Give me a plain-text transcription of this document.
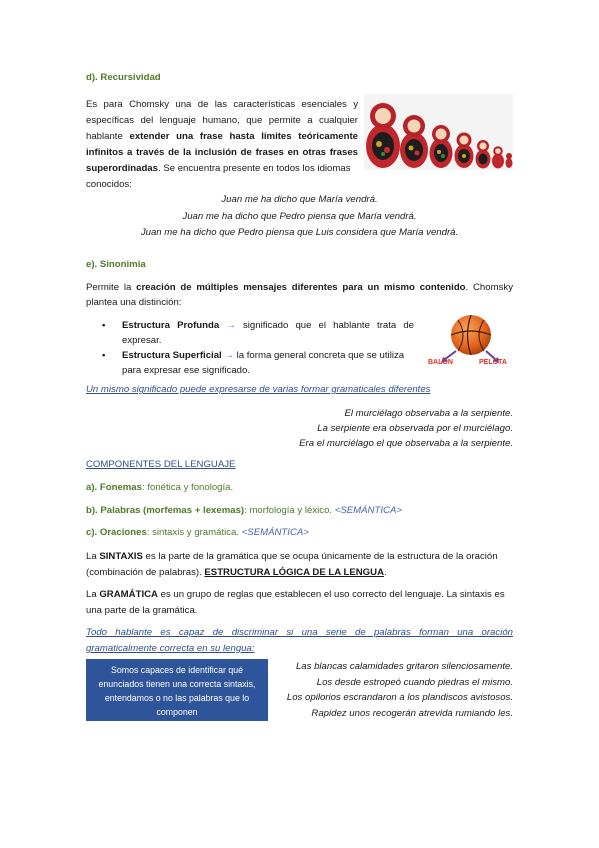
d). Recursividad

Es para Chomsky una de las características esenciales y

específicas del lenguaje humano, que permite a cualquier

hablante extender una frase hasta límites teóricamente

infinitos a través de la inclusión de frases en otras frases

superordinadas. Se encuentra presente en todos los idiomas

conocidos:

Juan me ha dicho que María vendrá.

Juan me ha dicho que Pedro piensa que María vendrá.

Juan me ha dicho que Pedro piensa que Luis considera que María vendrá.

e). Sinonimia

Permite la creación de múltiples mensajes diferentes para un mismo contenido. Chomsky

plantea una distinción:

• Estructura Profunda → significado que el hablante trata de

expresar.

• Estructura Superficial → la forma general concreta que se utiliza

para expresar ese significado.

BALÓN	PELOTA
Un mismo significado puede expresarse de varias formar gramaticales diferentes

El murciélago observaba a la serpiente.

La serpiente era observada por el murciélago.

Era el murciélago el que observaba a la serpiente.

COMPONENTES DEL LENGUAJE
a). Fonemas: fonética y fonología.
b). Palabras (morfemas + lexemas): morfología y léxico. <SEMÁNTICA>
c). Oraciones: sintaxis y gramática. <SEMÁNTICA>

La SINTAXIS es la parte de la gramática que se ocupa únicamente de la estructura de la oración

(combinación de palabras). ESTRUCTURA LÓGICA DE LA LENGUA.

La GRAMÁTICA es un grupo de reglas que establecen el uso correcto del lenguaje. La sintaxis es

una parte de la gramática.

Todo hablante es capaz de discriminar si una serie de palabras forman una oración

gramaticalmente correcta en su lengua:

Somos capaces de identificar qué

enunciados tienen una correcta sintaxis,

entendamos o no las palabras que lo

componen

Las blancas calamidades gritaron silenciosamente.

Los desde estropeó cuando piedras el mismo.

Los opilorios escrandaron a los plandiscos avistosos.

Rapidez unos recogerán atrevida rumiando les.
